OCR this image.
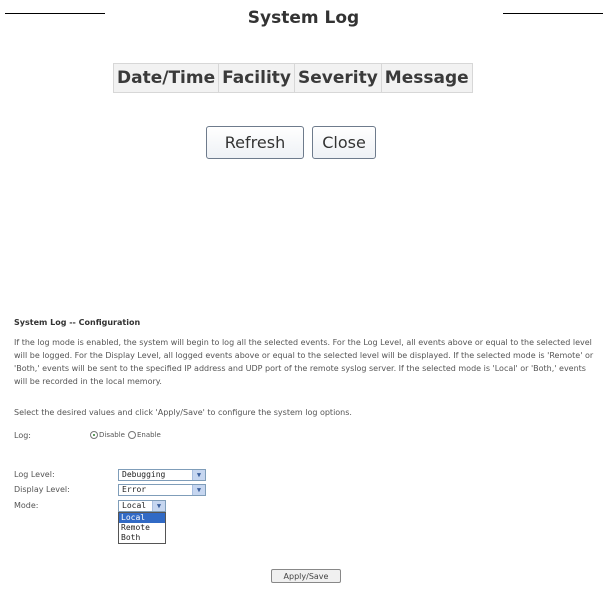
System Log
Date/Time	Facility	Severity	Message
Refresh	Close
System Log -- Configuration
If the log mode is enabled, the system will begin to log all the selected events. For the Log Level, all events above or equal to the selected level will be logged. For the Display Level, all logged events above or equal to the selected level will be displayed. If the selected mode is 'Remote' or 'Both,' events will be sent to the specified IP address and UDP port of the remote syslog server. If the selected mode is 'Local' or 'Both,' events will be recorded in the local memory.
Select the desired values and click 'Apply/Save' to configure the system log options.
Log:	Disable Enable
Log Level:	Debugging	▼
Display Level:	Error	▼
Mode:	Local	▼
Local
Remote
Both
Apply/Save
